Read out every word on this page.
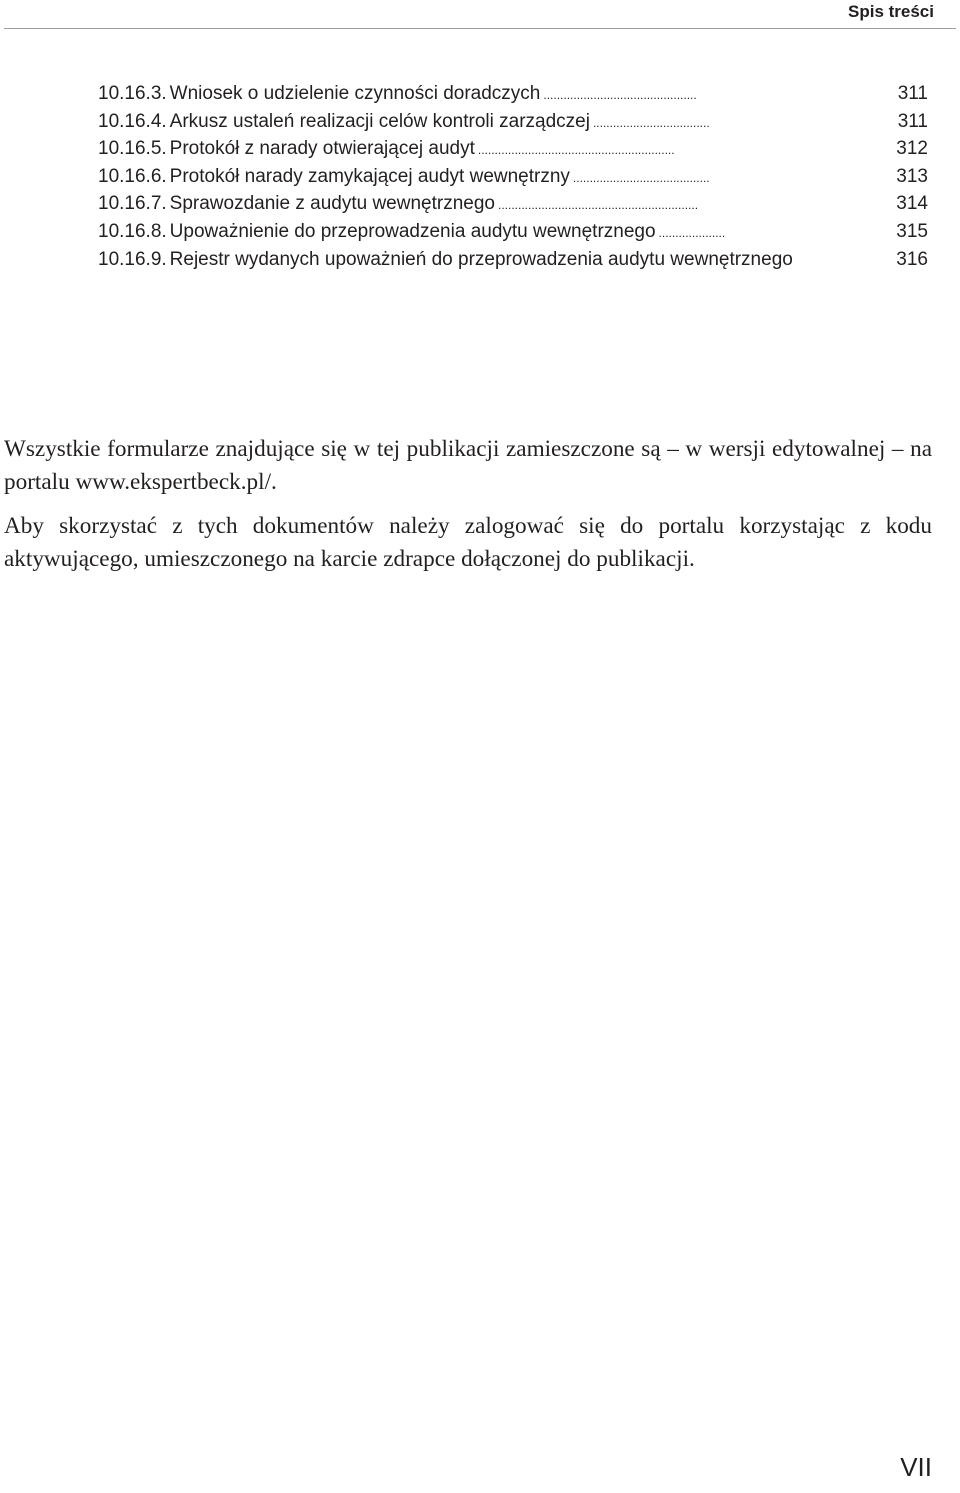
Spis treści
10.16.3. Wniosek o udzielenie czynności doradczych ..............................................	311
10.16.4. Arkusz ustaleń realizacji celów kontroli zarządczej ...................................	311
10.16.5. Protokół z narady otwierającej audyt ...........................................................	312
10.16.6. Protokół narady zamykającej audyt wewnętrzny .........................................	313
10.16.7. Sprawozdanie z audytu wewnętrznego ............................................................	314
10.16.8. Upoważnienie do przeprowadzenia audytu wewnętrznego ....................	315
10.16.9. Rejestr wydanych upoważnień do przeprowadzenia audytu wewnętrznego	316

Wszystkie formularze znajdujące się w tej publikacji zamieszczone są – w wersji edytowalnej – na portalu www.ekspertbeck.pl/.

Aby skorzystać z tych dokumentów należy zalogować się do portalu korzystając z kodu aktywującego, umieszczonego na karcie zdrapce dołączonej do publikacji.

VII
